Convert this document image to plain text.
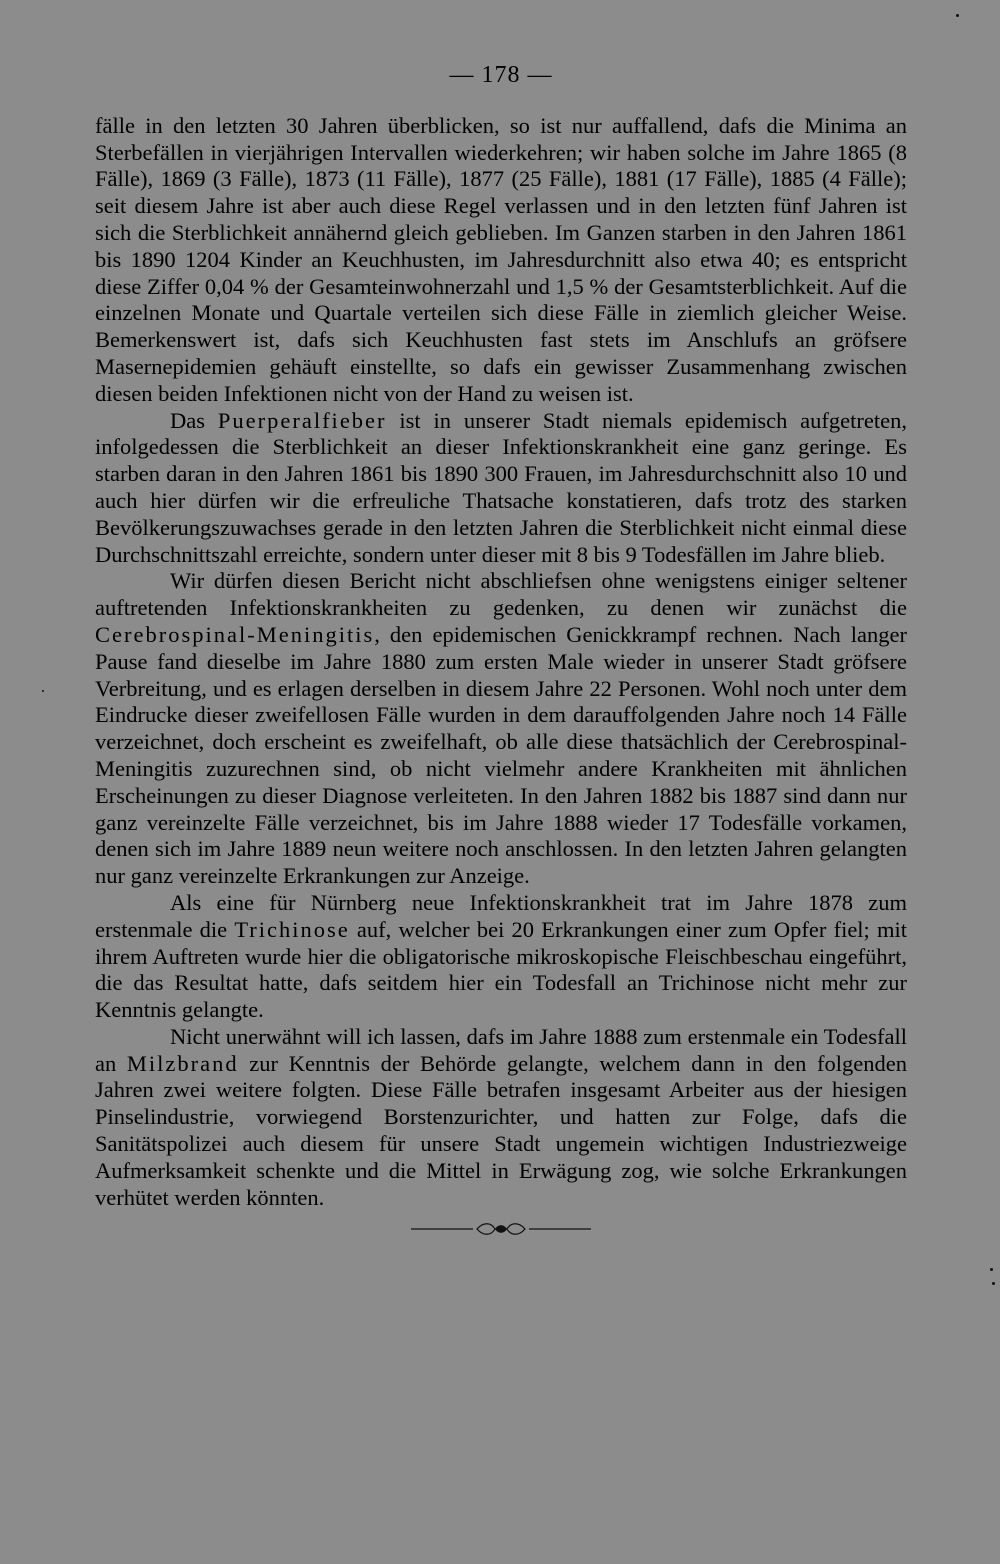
— 178 —

fälle in den letzten 30 Jahren überblicken, so ist nur auffallend, dafs die Minima an Sterbefällen in vierjährigen Intervallen wiederkehren; wir haben solche im Jahre 1865 (8 Fälle), 1869 (3 Fälle), 1873 (11 Fälle), 1877 (25 Fälle), 1881 (17 Fälle), 1885 (4 Fälle); seit diesem Jahre ist aber auch diese Regel verlassen und in den letzten fünf Jahren ist sich die Sterblichkeit annähernd gleich geblieben. Im Ganzen starben in den Jahren 1861 bis 1890 1204 Kinder an Keuchhusten, im Jahresdurchnitt also etwa 40; es entspricht diese Ziffer 0,04 % der Gesamteinwohnerzahl und 1,5 % der Gesamtsterblichkeit. Auf die einzelnen Monate und Quartale verteilen sich diese Fälle in ziemlich gleicher Weise. Bemerkenswert ist, dafs sich Keuchhusten fast stets im Anschlufs an gröfsere Masernepidemien gehäuft einstellte, so dafs ein gewisser Zusammenhang zwischen diesen beiden Infektionen nicht von der Hand zu weisen ist.

Das Puerperalfieber ist in unserer Stadt niemals epidemisch aufgetreten, infolgedessen die Sterblichkeit an dieser Infektionskrankheit eine ganz geringe. Es starben daran in den Jahren 1861 bis 1890 300 Frauen, im Jahresdurchschnitt also 10 und auch hier dürfen wir die erfreuliche Thatsache konstatieren, dafs trotz des starken Bevölkerungszuwachses gerade in den letzten Jahren die Sterblichkeit nicht einmal diese Durchschnittszahl erreichte, sondern unter dieser mit 8 bis 9 Todesfällen im Jahre blieb.

Wir dürfen diesen Bericht nicht abschliefsen ohne wenigstens einiger seltener auftretenden Infektionskrankheiten zu gedenken, zu denen wir zunächst die Cerebrospinal-Meningitis, den epidemischen Genickkrampf rechnen. Nach langer Pause fand dieselbe im Jahre 1880 zum ersten Male wieder in unserer Stadt gröfsere Verbreitung, und es erlagen derselben in diesem Jahre 22 Personen. Wohl noch unter dem Eindrucke dieser zweifellosen Fälle wurden in dem darauffolgenden Jahre noch 14 Fälle verzeichnet, doch erscheint es zweifelhaft, ob alle diese thatsächlich der Cerebrospinal-Meningitis zuzurechnen sind, ob nicht vielmehr andere Krankheiten mit ähnlichen Erscheinungen zu dieser Diagnose verleiteten. In den Jahren 1882 bis 1887 sind dann nur ganz vereinzelte Fälle verzeichnet, bis im Jahre 1888 wieder 17 Todesfälle vorkamen, denen sich im Jahre 1889 neun weitere noch anschlossen. In den letzten Jahren gelangten nur ganz vereinzelte Erkrankungen zur Anzeige.

Als eine für Nürnberg neue Infektionskrankheit trat im Jahre 1878 zum erstenmale die Trichinose auf, welcher bei 20 Erkrankungen einer zum Opfer fiel; mit ihrem Auftreten wurde hier die obligatorische mikroskopische Fleischbeschau eingeführt, die das Resultat hatte, dafs seitdem hier ein Todesfall an Trichinose nicht mehr zur Kenntnis gelangte.

Nicht unerwähnt will ich lassen, dafs im Jahre 1888 zum erstenmale ein Todesfall an Milzbrand zur Kenntnis der Behörde gelangte, welchem dann in den folgenden Jahren zwei weitere folgten. Diese Fälle betrafen insgesamt Arbeiter aus der hiesigen Pinselindustrie, vorwiegend Borstenzurichter, und hatten zur Folge, dafs die Sanitätspolizei auch diesem für unsere Stadt ungemein wichtigen Industriezweige Aufmerksamkeit schenkte und die Mittel in Erwägung zog, wie solche Erkrankungen verhütet werden könnten.
